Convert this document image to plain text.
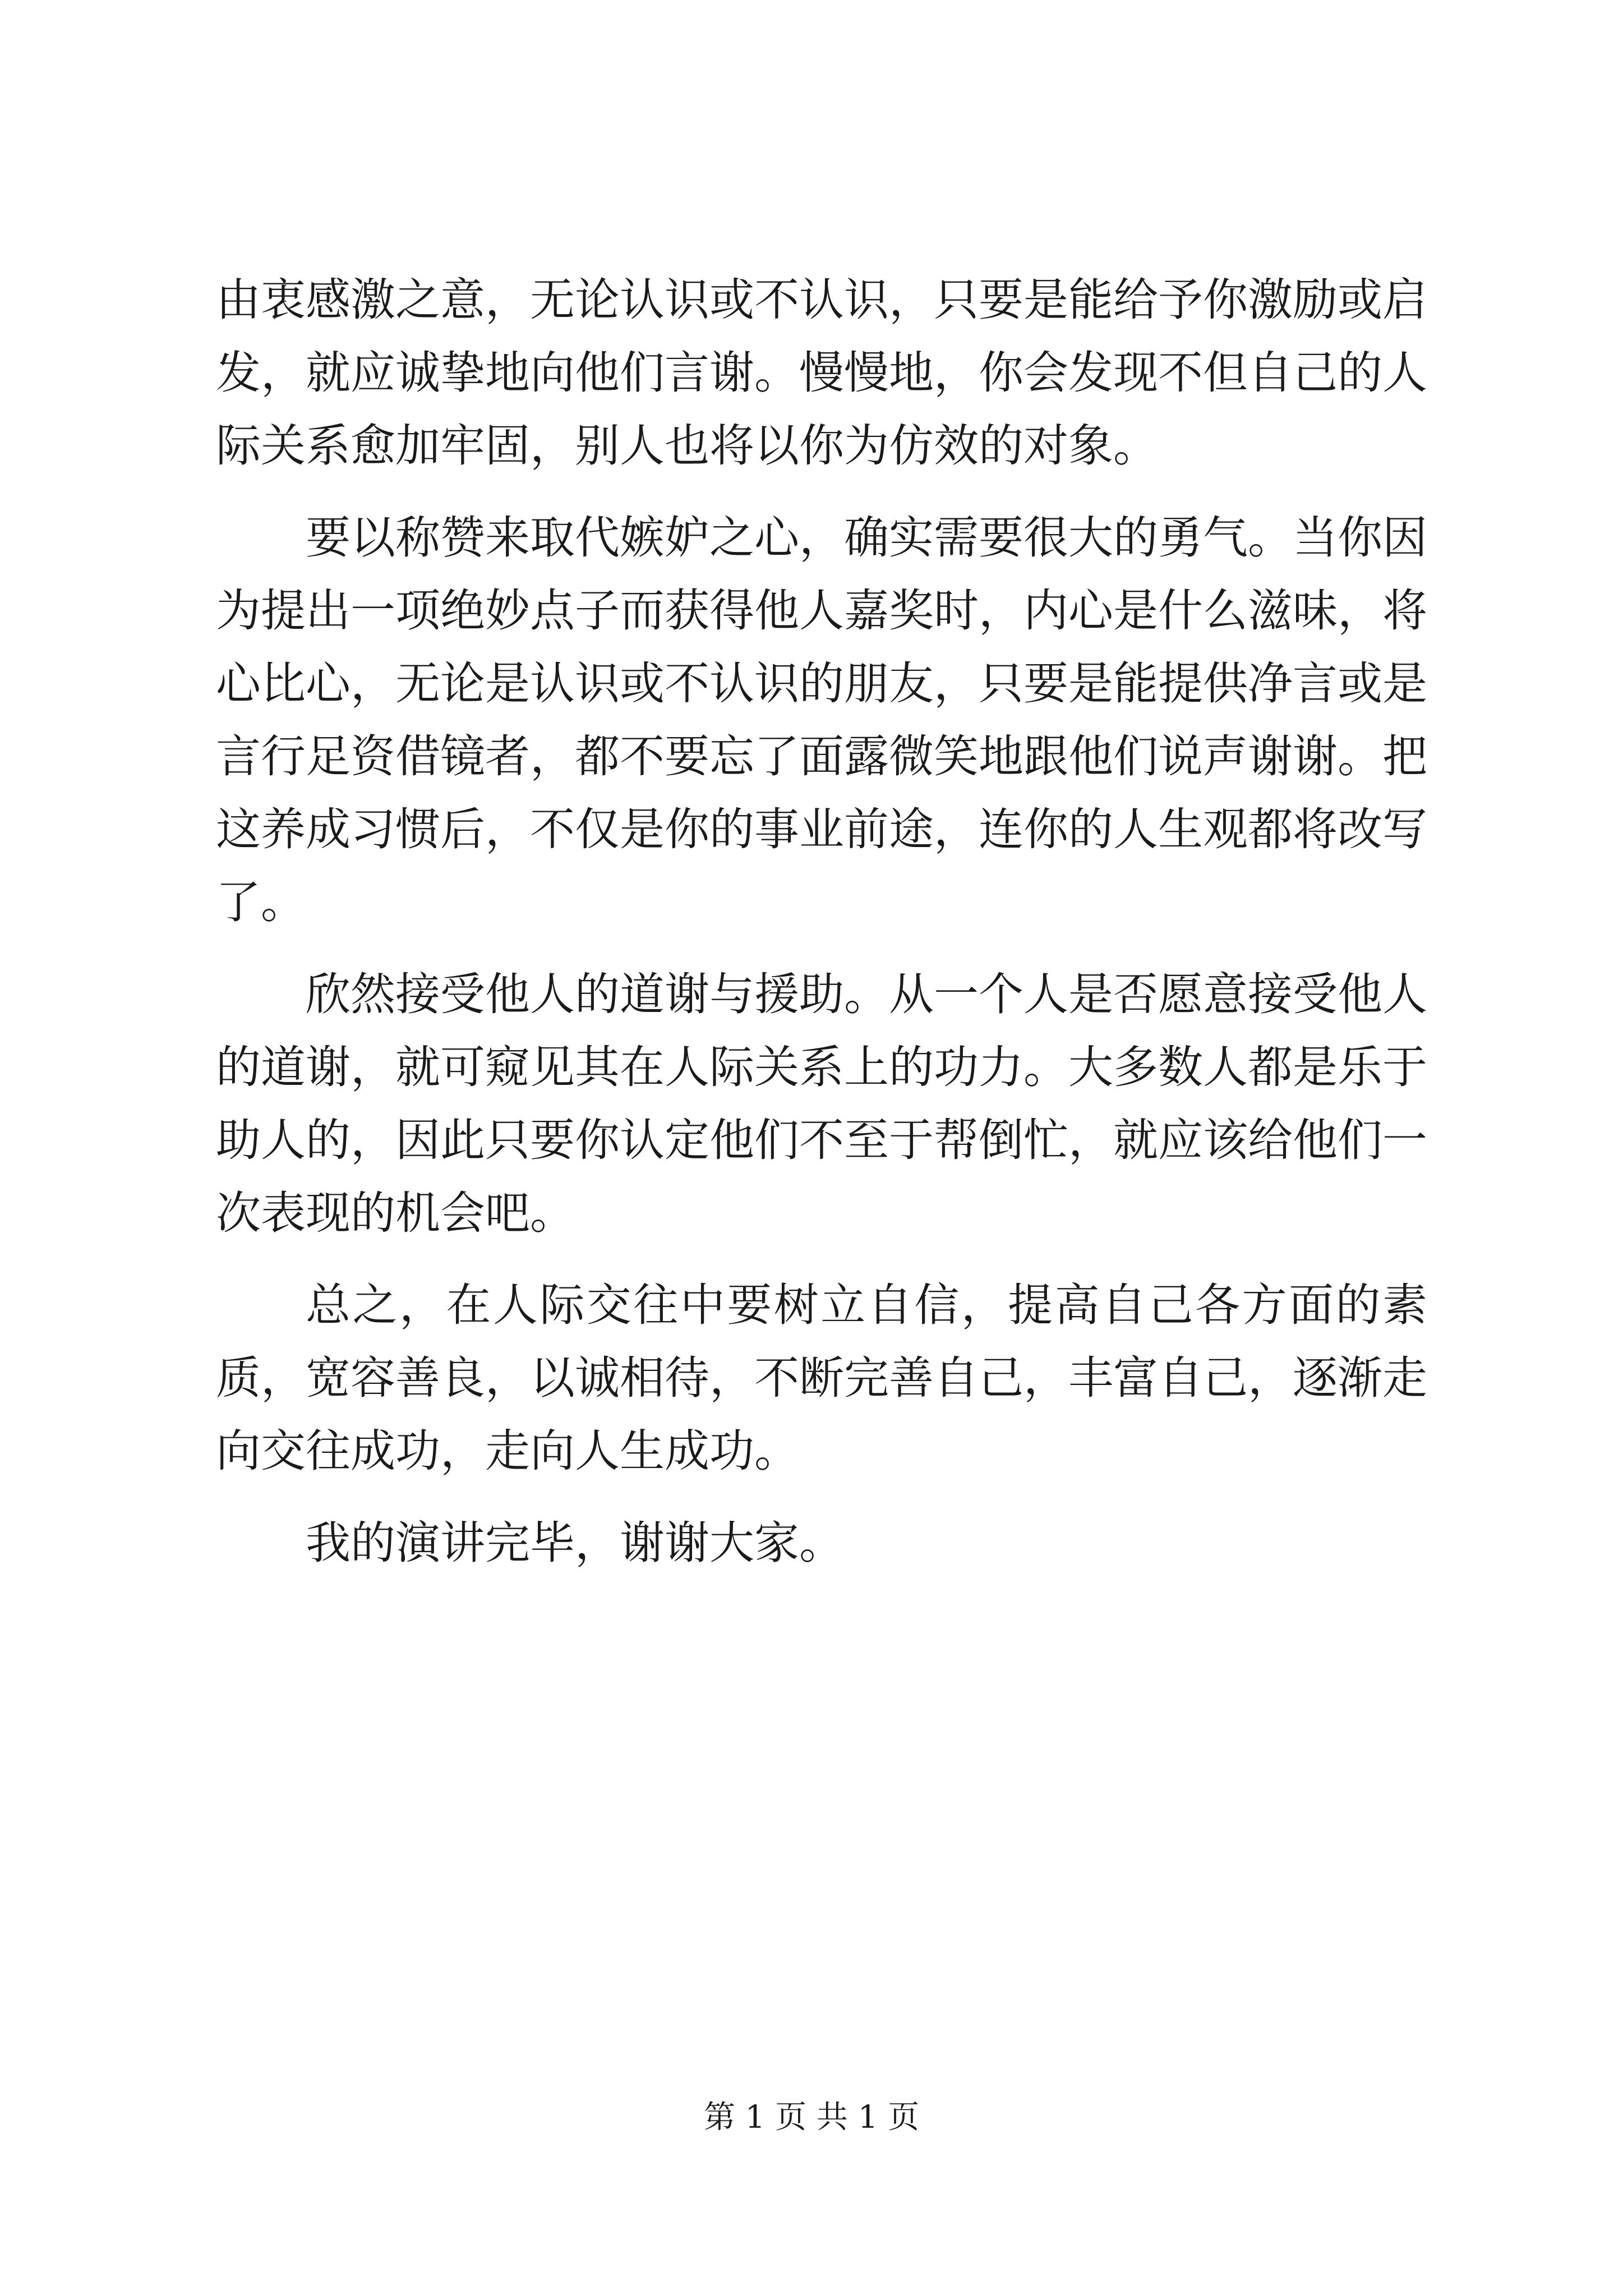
由衷感激之意，无论认识或不认识，只要是能给予你激励或启发，就应诚挚地向他们言谢。慢慢地，你会发现不但自己的人际关系愈加牢固，别人也将以你为仿效的对象。

要以称赞来取代嫉妒之心，确实需要很大的勇气。当你因为提出一项绝妙点子而获得他人嘉奖时，内心是什么滋味，将心比心，无论是认识或不认识的朋友，只要是能提供净言或是言行足资借镜者，都不要忘了面露微笑地跟他们说声谢谢。把这养成习惯后，不仅是你的事业前途，连你的人生观都将改写了。

欣然接受他人的道谢与援助。从一个人是否愿意接受他人的道谢，就可窥见其在人际关系上的功力。大多数人都是乐于助人的，因此只要你认定他们不至于帮倒忙，就应该给他们一次表现的机会吧。

总之，在人际交往中要树立自信，提高自己各方面的素质，宽容善良，以诚相待，不断完善自己，丰富自己，逐渐走向交往成功，走向人生成功。

我的演讲完毕，谢谢大家。

第 1 页 共 1 页
